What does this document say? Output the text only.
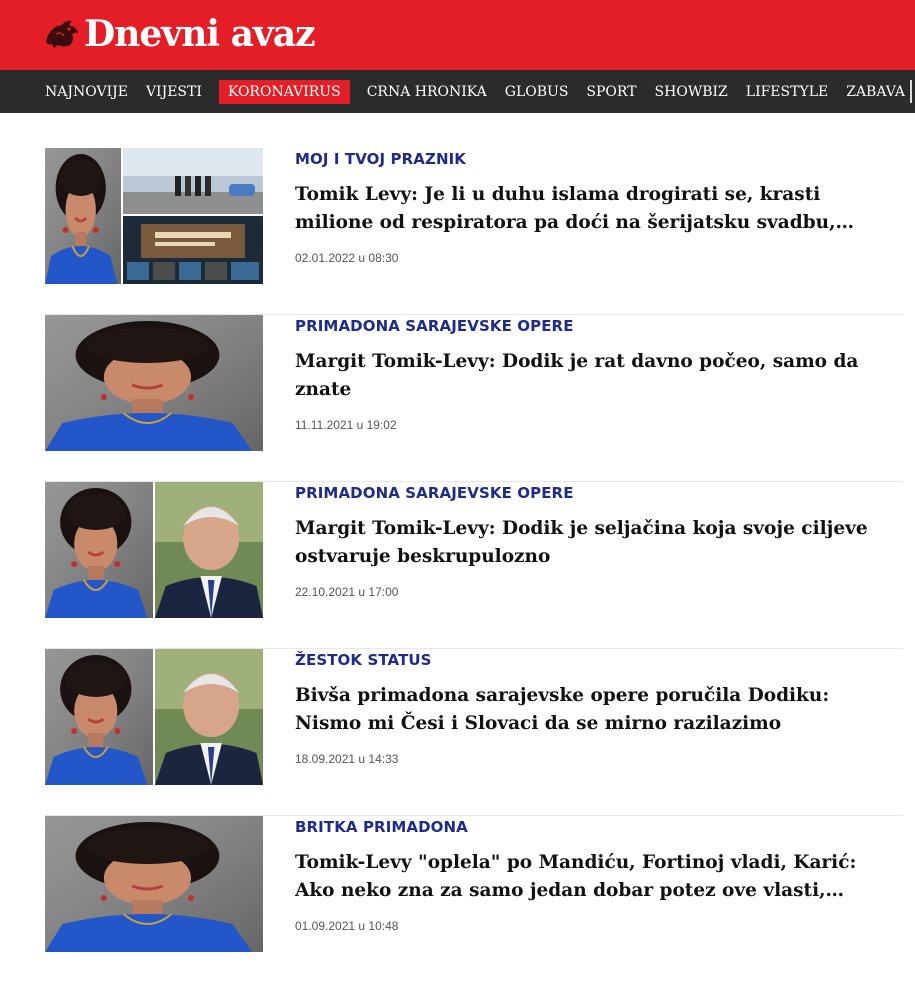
Dnevni avaz
NAJNOVIJE	VIJESTI	KORONAVIRUS	CRNA HRONIKA	GLOBUS	SPORT	SHOWBIZ	LIFESTYLE	ZABAVA
MOJ I TVOJ PRAZNIK
Tomik Levy: Je li u duhu islama drogirati se, krasti milione od respiratora pa doći na šerijatsku svadbu,
02.01.2022 u 08:30
PRIMADONA SARAJEVSKE OPERE
Margit Tomik-Levy: Dodik je rat davno počeo, samo da znate
11.11.2021 u 19:02
PRIMADONA SARAJEVSKE OPERE
Margit Tomik-Levy: Dodik je seljačina koja svoje ciljeve ostvaruje beskrupulozno
22.10.2021 u 17:00
ŽESTOK STATUS
Bivša primadona sarajevske opere poručila Dodiku: Nismo mi Česi i Slovaci da se mirno razilazimo
18.09.2021 u 14:33
BRITKA PRIMADONA
Tomik-Levy "oplela" po Mandiću, Fortinoj vladi, Karić: Ako neko zna za samo jedan dobar potez ove vlasti,
01.09.2021 u 10:48
